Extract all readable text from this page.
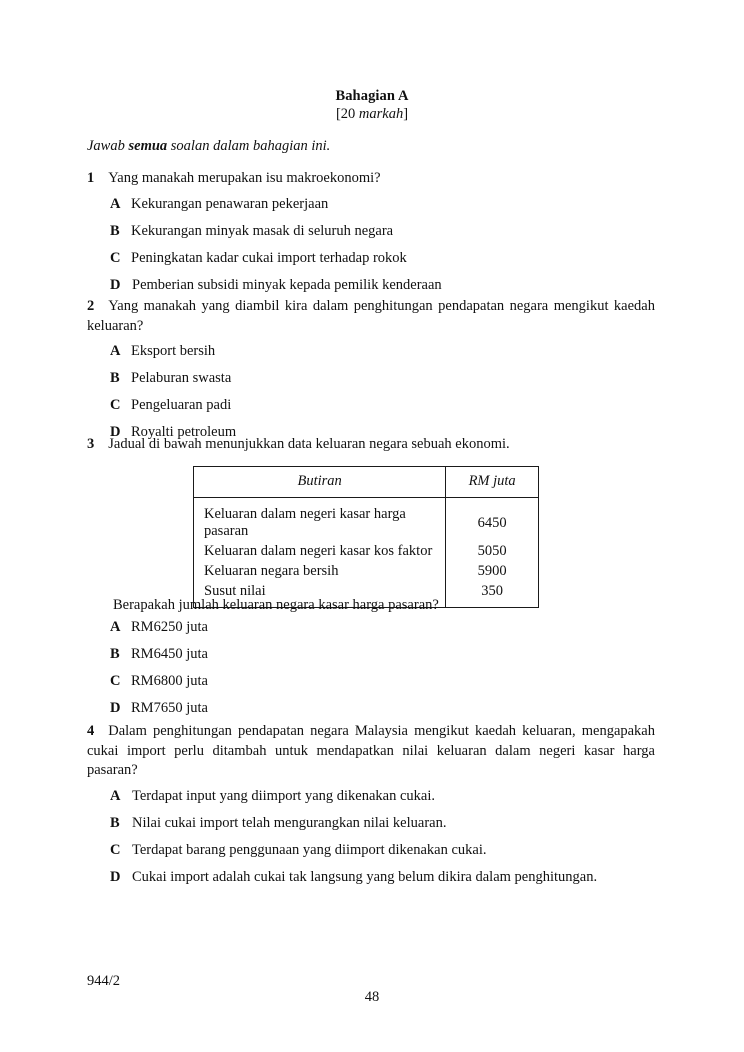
Bahagian A
[20 markah]
Jawab semua soalan dalam bahagian ini.
1 Yang manakah merupakan isu makroekonomi?
A Kekurangan penawaran pekerjaan
B Kekurangan minyak masak di seluruh negara
C Peningkatan kadar cukai import terhadap rokok
D Pemberian subsidi minyak kepada pemilik kenderaan
2 Yang manakah yang diambil kira dalam penghitungan pendapatan negara mengikut kaedah keluaran?
A Eksport bersih
B Pelaburan swasta
C Pengeluaran padi
D Royalti petroleum
3 Jadual di bawah menunjukkan data keluaran negara sebuah ekonomi.
Butiran	RM juta
Keluaran dalam negeri kasar harga pasaran	6450
Keluaran dalam negeri kasar kos faktor	5050
Keluaran negara bersih	5900
Susut nilai	350
Berapakah jumlah keluaran negara kasar harga pasaran?
A RM6250 juta
B RM6450 juta
C RM6800 juta
D RM7650 juta
4 Dalam penghitungan pendapatan negara Malaysia mengikut kaedah keluaran, mengapakah cukai import perlu ditambah untuk mendapatkan nilai keluaran dalam negeri kasar harga pasaran?
A Terdapat input yang diimport yang dikenakan cukai.
B Nilai cukai import telah mengurangkan nilai keluaran.
C Terdapat barang penggunaan yang diimport dikenakan cukai.
D Cukai import adalah cukai tak langsung yang belum dikira dalam penghitungan.
944/2
48
